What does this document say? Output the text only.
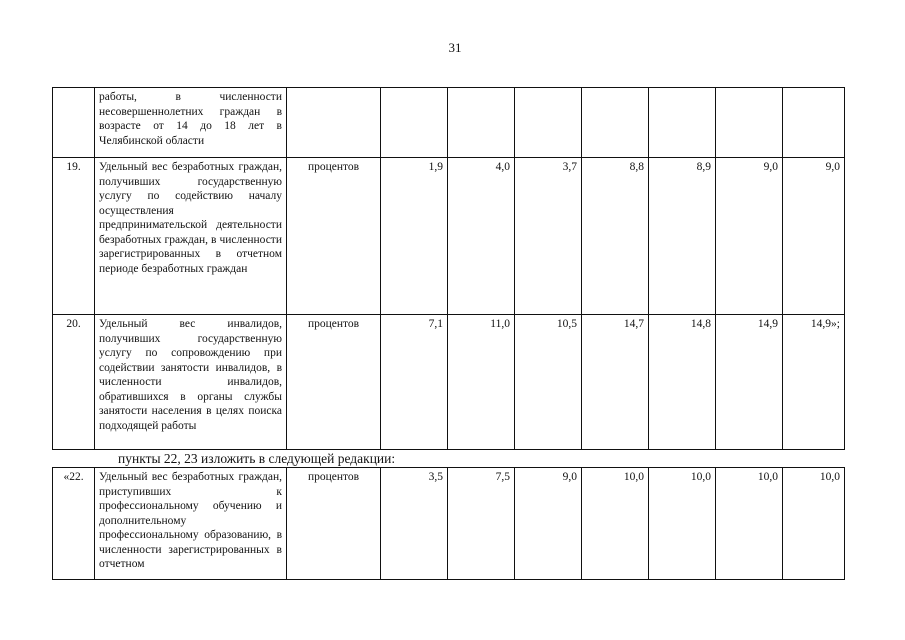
31
	работы, в численности несовершеннолетних граждан в возрасте от 14 до 18 лет в Челябинской области								
19.	Удельный вес безработных граждан, получивших государственную услугу по содействию началу осуществления предпринимательской деятельности безработных граждан, в численности зарегистрированных в отчетном периоде безработных граждан	процентов	1,9	4,0	3,7	8,8	8,9	9,0	9,0
20.	Удельный вес инвалидов, получивших государственную услугу по сопровождению при содействии занятости инвалидов, в численности инвалидов, обратившихся в органы службы занятости населения в целях поиска подходящей работы	процентов	7,1	11,0	10,5	14,7	14,8	14,9	14,9»;
пункты 22, 23 изложить в следующей редакции:
«22.	Удельный вес безработных граждан, приступивших к профессиональному обучению и дополнительному профессиональному образованию, в численности зарегистрированных в отчетном	процентов	3,5	7,5	9,0	10,0	10,0	10,0	10,0
